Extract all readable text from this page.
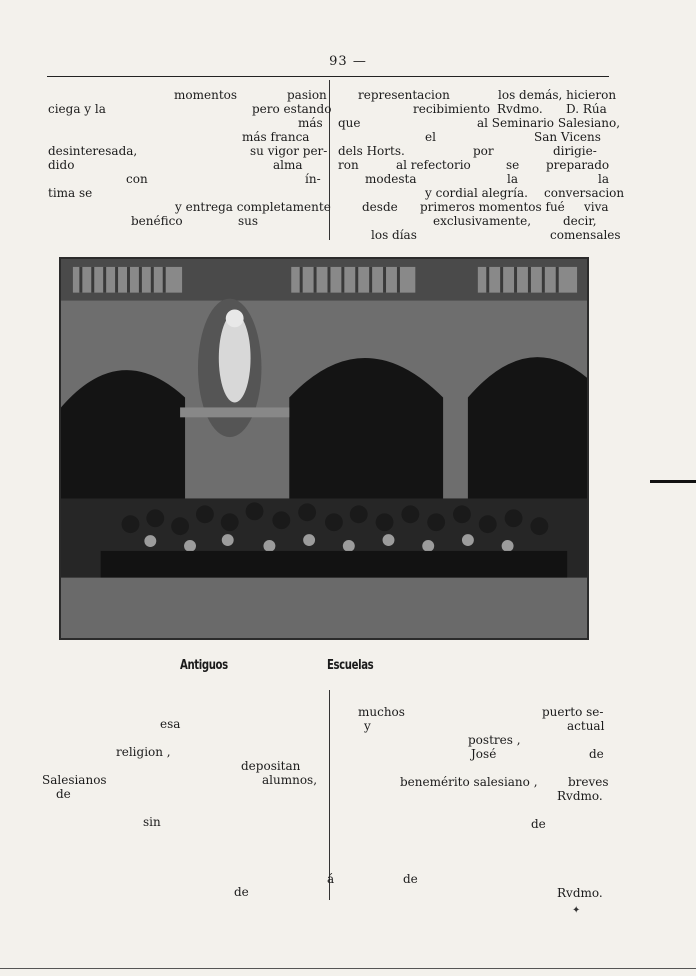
93 —
momentos	pasion
ciega y la	pero estando
más
más franca
desinteresada,	su vigor per-
dido	alma
con	ín-
tima se
y entrega completamente
benéfico	sus
representacion	los demás, hicieron
recibimiento Rvdmo. D. Rúa
que	al Seminario Salesiano,
el	San Vicens
dels Horts.	por	dirigie-
ron	al refectorio	se preparado
modesta	la	la
y cordial alegría. conversacion
desde primeros momentos fué viva
exclusivamente,	decir,
los días	comensales
Antiguos	Escuelas
esa
religion ,
depositan
Salesianos	alumnos,
de
sin
de
muchos	puerto se-
y	actual
postres ,
José	de
benemérito salesiano ,	breves
Rvdmo.
de
á	de
Rvdmo.
✦
